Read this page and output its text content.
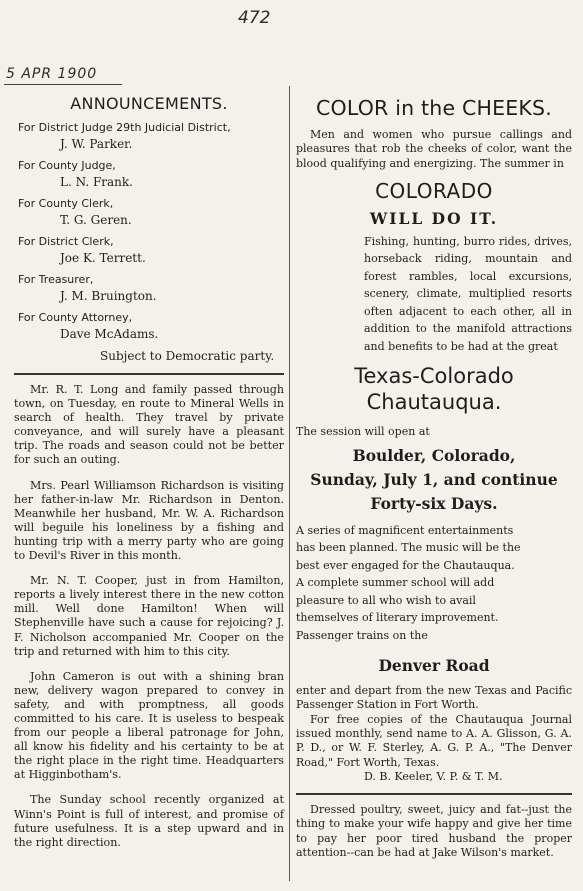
472
5 APR 1900
ANNOUNCEMENTS.
For District Judge 29th Judicial District,
J. W. Parker.
For County Judge,
L. N. Frank.
For County Clerk,
T. G. Geren.
For District Clerk,
Joe K. Terrett.
For Treasurer,
J. M. Bruington.
For County Attorney,
Dave McAdams.
Subject to Democratic party.

Mr. R. T. Long and family passed through town, on Tuesday, en route to Mineral Wells in search of health. They travel by private conveyance, and will surely have a pleasant trip. The roads and season could not be better for such an outing.

Mrs. Pearl Williamson Richardson is visiting her father-in-law Mr. Richardson in Denton. Meanwhile her husband, Mr. W. A. Richardson will beguile his loneliness by a fishing and hunting trip with a merry party who are going to Devil's River in this month.

Mr. N. T. Cooper, just in from Hamilton, reports a lively interest there in the new cotton mill. Well done Hamilton! When will Stephenville have such a cause for rejoicing? J. F. Nicholson accompanied Mr. Cooper on the trip and returned with him to this city.

John Cameron is out with a shining bran new, delivery wagon prepared to convey in safety, and with promptness, all goods committed to his care. It is useless to bespeak from our people a liberal patronage for John, all know his fidelity and his certainty to be at the right place in the right time. Headquarters at Higginbotham's.

The Sunday school recently organized at Winn's Point is full of interest, and promise of future usefulness. It is a step upward and in the right direction.

COLOR in the CHEEKS.

Men and women who pursue callings and pleasures that rob the cheeks of color, want the blood qualifying and energizing. The summer in

COLORADO
WILL DO IT.

Fishing, hunting, burro rides, drives, horseback riding, mountain and forest rambles, local excursions, scenery, climate, multiplied resorts often adjacent to each other, all in addition to the manifold attractions and benefits to be had at the great

Texas-Colorado
Chautauqua.

The session will open at

Boulder, Colorado,
Sunday, July 1, and continue
Forty-six Days.

A series of magnificent entertainments has been planned. The music will be the best ever engaged for the Chautauqua. A complete summer school will add pleasure to all who wish to avail themselves of literary improvement. Passenger trains on the

Denver Road

enter and depart from the new Texas and Pacific Passenger Station in Fort Worth.

For free copies of the Chautauqua Journal issued monthly, send name to A. A. Glisson, G. A. P. D., or W. F. Sterley, A. G. P. A., "The Denver Road," Fort Worth, Texas.

D. B. Keeler, V. P. & T. M.

Dressed poultry, sweet, juicy and fat--just the thing to make your wife happy and give her time to pay her poor tired husband the proper attention--can be had at Jake Wilson's market.
